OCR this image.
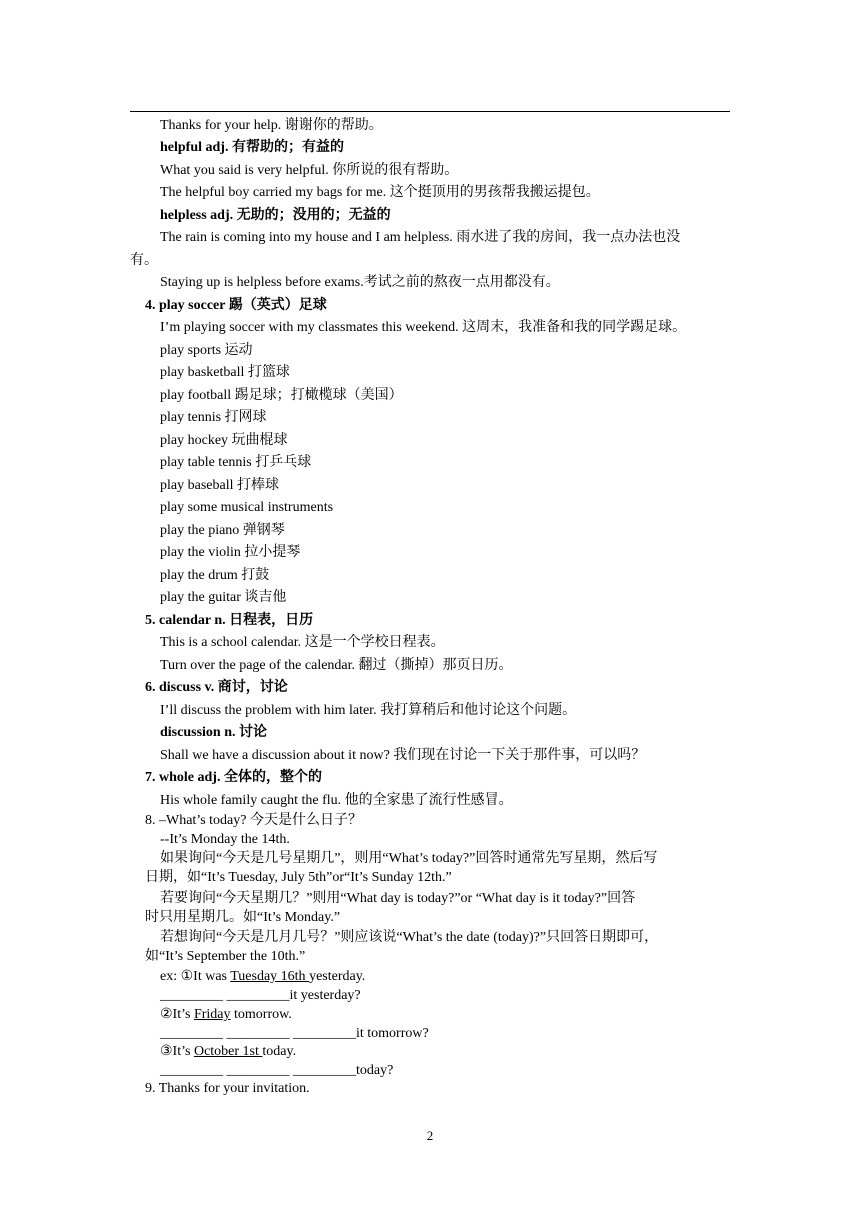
Thanks for your help. 谢谢你的帮助。
helpful adj. 有帮助的；有益的
What you said is very helpful. 你所说的很有帮助。
The helpful boy carried my bags for me. 这个挺顶用的男孩帮我搬运提包。
helpless adj. 无助的；没用的；无益的
The rain is coming into my house and I am helpless. 雨水进了我的房间，我一点办法也没
有。
Staying up is helpless before exams.考试之前的熬夜一点用都没有。
4. play soccer 踢（英式）足球
I’m playing soccer with my classmates this weekend. 这周末，我准备和我的同学踢足球。
play sports 运动
play basketball 打篮球
play football 踢足球；打橄榄球（美国）
play tennis 打网球
play hockey 玩曲棍球
play table tennis 打乒乓球
play baseball 打棒球
play some musical instruments
play the piano 弹钢琴
play the violin 拉小提琴
play the drum 打鼓
play the guitar 谈吉他
5. calendar n. 日程表，日历
This is a school calendar. 这是一个学校日程表。
Turn over the page of the calendar. 翻过（撕掉）那页日历。
6. discuss v. 商讨，讨论
I’ll discuss the problem with him later. 我打算稍后和他讨论这个问题。
discussion n. 讨论
Shall we have a discussion about it now? 我们现在讨论一下关于那件事，可以吗？
7. whole adj. 全体的，整个的
His whole family caught the flu. 他的全家患了流行性感冒。
8. –What’s today? 今天是什么日子？
--It’s Monday the 14th.
如果询问“今天是几号星期几”，则用“What’s today?”回答时通常先写星期，然后写
日期，如“It’s Tuesday, July 5th”or“It’s Sunday 12th.”
若要询问“今天星期几？”则用“What day is today?”or “What day is it today?”回答
时只用星期几。如“It’s Monday.”
若想询问“今天是几月几号？”则应该说“What’s the date (today)?”只回答日期即可，
如“It’s September the 10th.”
ex: ①It was Tuesday 16th yesterday.
_________ _________it yesterday?
②It’s Friday tomorrow.
_________ _________ _________it tomorrow?
③It’s October 1st today.
_________ _________ _________today?
9. Thanks for your invitation.
2
